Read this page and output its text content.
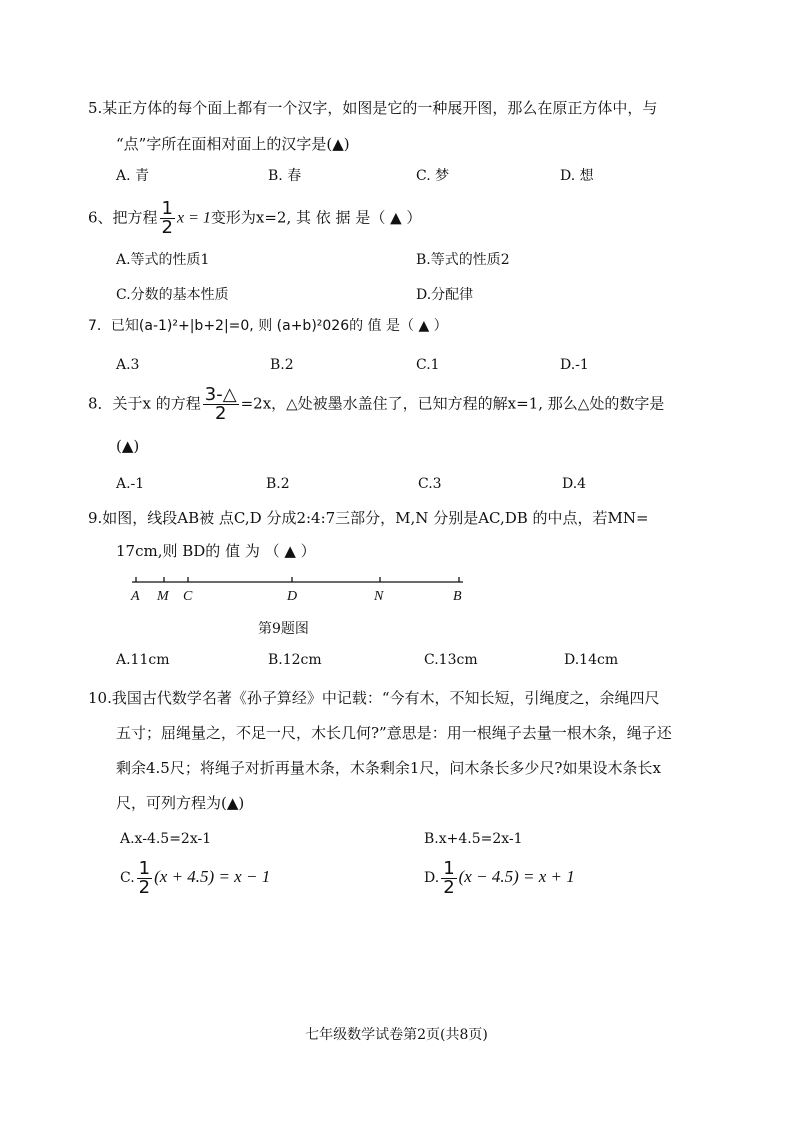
5.某正方体的每个面上都有一个汉字，如图是它的一种展开图，那么在原正方体中，与
“点”字所在面相对面上的汉字是(▲)
A. 青	B. 春	C. 梦	D. 想
6、把方程 $\frac{1}{2}$ x = 1变形为x=2, 其 依 据 是（ ▲ ）
A.等式的性质1	B.等式的性质2
C.分数的基本性质	D.分配律
7．已知(a-1)²+|b+2|=0, 则 (a+b)²026的 值 是（ ▲ ）
A.3	B.2	C.1	D.-1
8．关于x 的方程 $\frac{3-\triangle}{2} =2x$，△处被墨水盖住了，已知方程的解x=1, 那么△处的数字是
(▲)
A.-1	B.2	C.3	D.4
9.如图，线段AB被 点C,D 分成2:4:7三部分，M,N 分别是AC,DB 的中点，若MN=
17cm,则 BD的 值 为 （ ▲ ）
A M C	D	N	B
第9题图
A.11cm	B.12cm	C.13cm	D.14cm
10.我国古代数学名著《孙子算经》中记载：“今有木，不知长短，引绳度之，余绳四尺
五寸；屈绳量之，不足一尺，木长几何?”意思是：用一根绳子去量一根木条，绳子还
剩余4.5尺；将绳子对折再量木条，木条剩余1尺，问木条长多少尺?如果设木条长x
尺，可列方程为(▲)
A.x-4.5=2x-1	B.x+4.5=2x-1
C. $\frac{1}{2} (x + 4.5) = x - 1$	D. $\frac{1}{2} (x - 4.5) = x + 1$
七年级数学试卷第2页(共8页)
